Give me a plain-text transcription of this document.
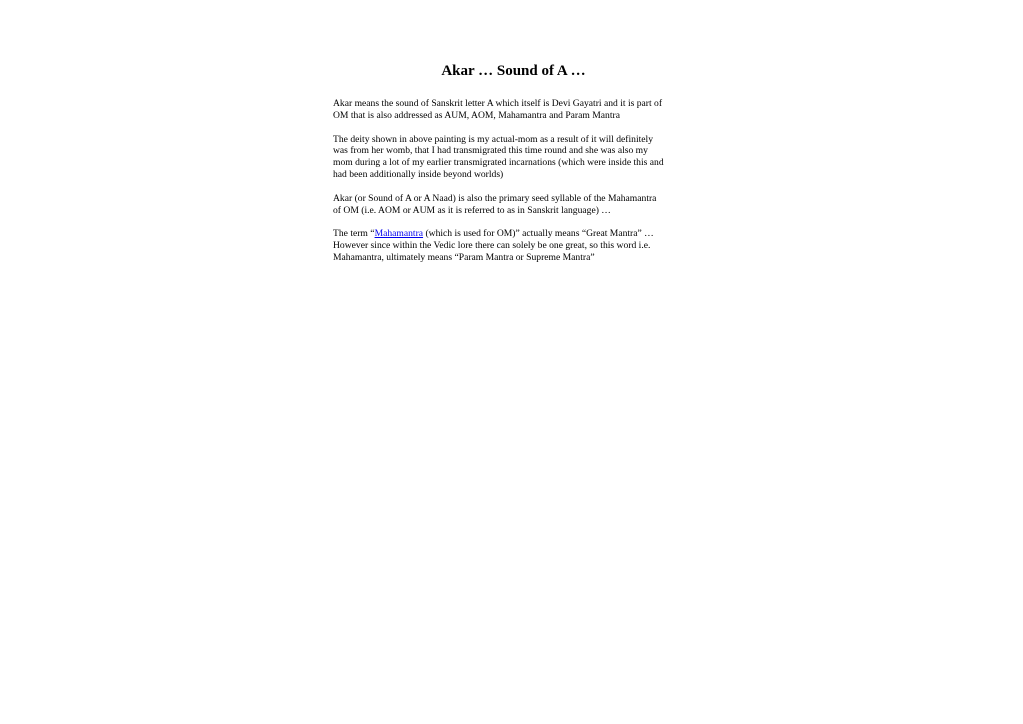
Akar … Sound of A …

Akar means the sound of Sanskrit letter A which itself is Devi Gayatri and it is part of
OM that is also addressed as AUM, AOM, Mahamantra and Param Mantra

The deity shown in above painting is my actual-mom as a result of it will definitely
was from her womb, that I had transmigrated this time round and she was also my
mom during a lot of my earlier transmigrated incarnations (which were inside this and
had been additionally inside beyond worlds)

Akar (or Sound of A or A Naad) is also the primary seed syllable of the Mahamantra
of OM (i.e. AOM or AUM as it is referred to as in Sanskrit language) …

The term “Mahamantra (which is used for OM)” actually means “Great Mantra” …
However since within the Vedic lore there can solely be one great, so this word i.e.
Mahamantra, ultimately means “Param Mantra or Supreme Mantra”
